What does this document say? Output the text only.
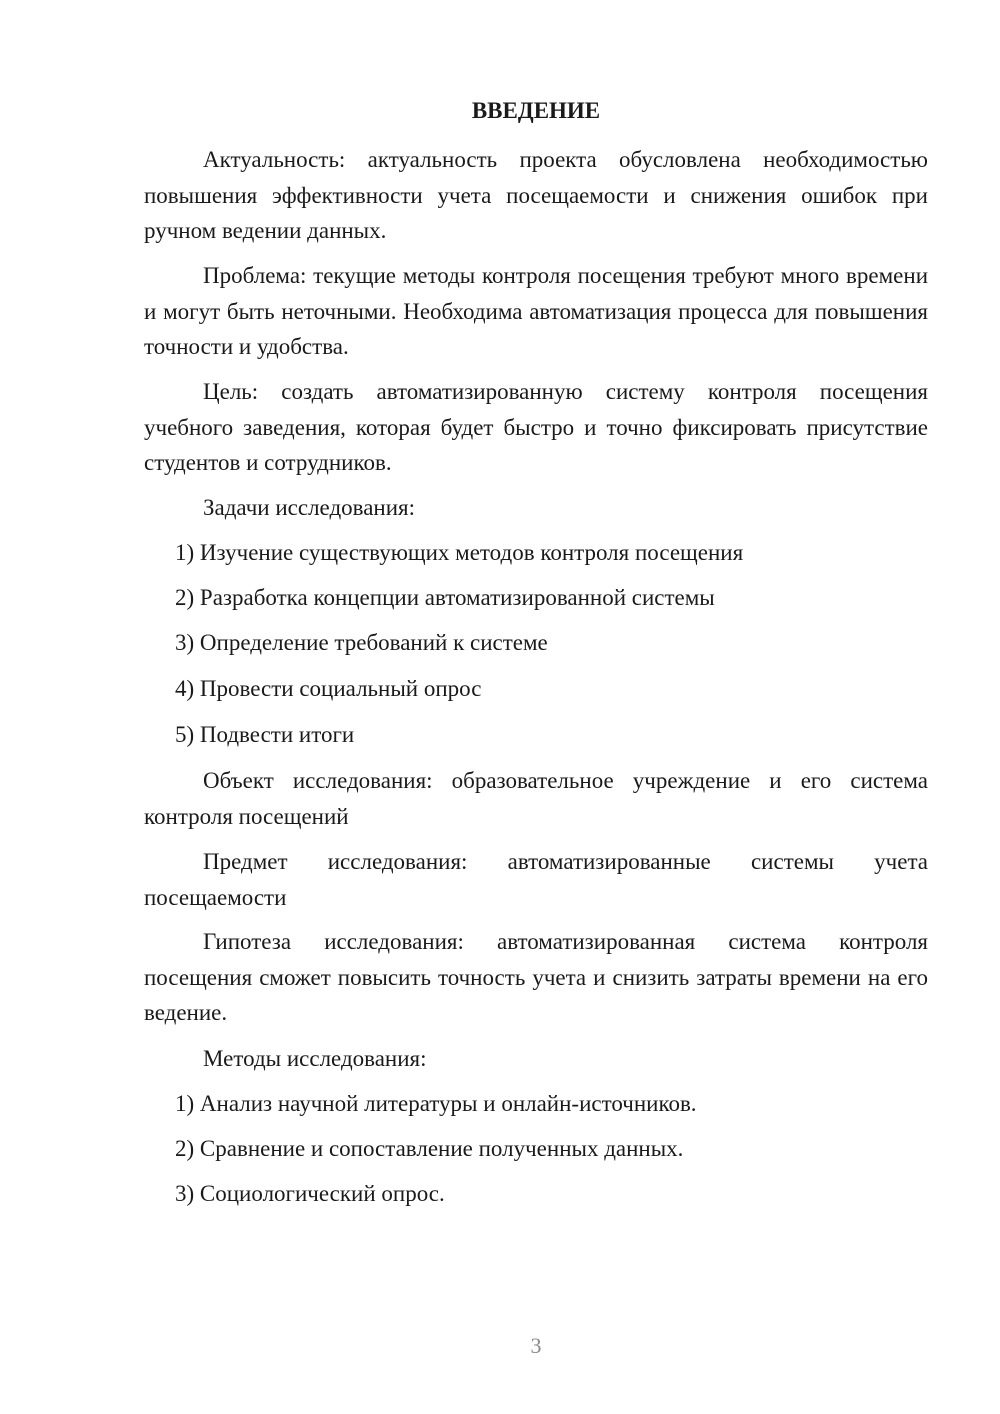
ВВЕДЕНИЕ

Актуальность: актуальность проекта обусловлена необходимостью повышения эффективности учета посещаемости и снижения ошибок при ручном ведении данных.

Проблема: текущие методы контроля посещения требуют много времени и могут быть неточными. Необходима автоматизация процесса для повышения точности и удобства.

Цель: создать автоматизированную систему контроля посещения учебного заведения, которая будет быстро и точно фиксировать присутствие студентов и сотрудников.

Задачи исследования:

1) Изучение существующих методов контроля посещения

2) Разработка концепции автоматизированной системы

3) Определение требований к системе

4) Провести социальный опрос

5) Подвести итоги

Объект исследования: образовательное учреждение и его система контроля посещений

Предмет исследования: автоматизированные системы учета посещаемости

Гипотеза исследования: автоматизированная система контроля посещения сможет повысить точность учета и снизить затраты времени на его ведение.

Методы исследования:

1) Анализ научной литературы и онлайн-источников.

2) Сравнение и сопоставление полученных данных.

3) Социологический опрос.

3
